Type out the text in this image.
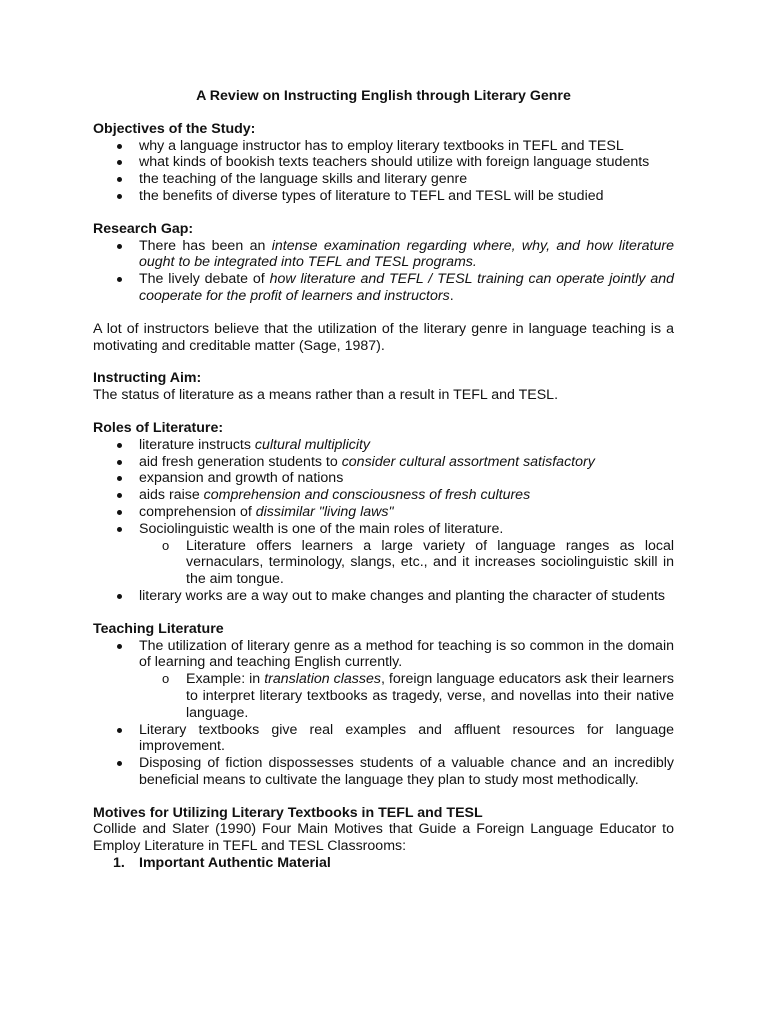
A Review on Instructing English through Literary Genre

Objectives of the Study:

why a language instructor has to employ literary textbooks in TEFL and TESL
what kinds of bookish texts teachers should utilize with foreign language students
the teaching of the language skills and literary genre
the benefits of diverse types of literature to TEFL and TESL will be studied

Research Gap:

There has been an intense examination regarding where, why, and how literature ought to be integrated into TEFL and TESL programs.
The lively debate of how literature and TEFL / TESL training can operate jointly and cooperate for the profit of learners and instructors.

A lot of instructors believe that the utilization of the literary genre in language teaching is a motivating and creditable matter (Sage, 1987).

Instructing Aim:

The status of literature as a means rather than a result in TEFL and TESL.

Roles of Literature:

literature instructs cultural multiplicity
aid fresh generation students to consider cultural assortment satisfactory
expansion and growth of nations
aids raise comprehension and consciousness of fresh cultures
comprehension of dissimilar "living laws"
Sociolinguistic wealth is one of the main roles of literature.
o Literature offers learners a large variety of language ranges as local vernaculars, terminology, slangs, etc., and it increases sociolinguistic skill in the aim tongue.
literary works are a way out to make changes and planting the character of students

Teaching Literature

The utilization of literary genre as a method for teaching is so common in the domain of learning and teaching English currently.
o Example: in translation classes, foreign language educators ask their learners to interpret literary textbooks as tragedy, verse, and novellas into their native language.
Literary textbooks give real examples and affluent resources for language improvement.
Disposing of fiction dispossesses students of a valuable chance and an incredibly beneficial means to cultivate the language they plan to study most methodically.

Motives for Utilizing Literary Textbooks in TEFL and TESL

Collide and Slater (1990) Four Main Motives that Guide a Foreign Language Educator to Employ Literature in TEFL and TESL Classrooms:

1. Important Authentic Material
